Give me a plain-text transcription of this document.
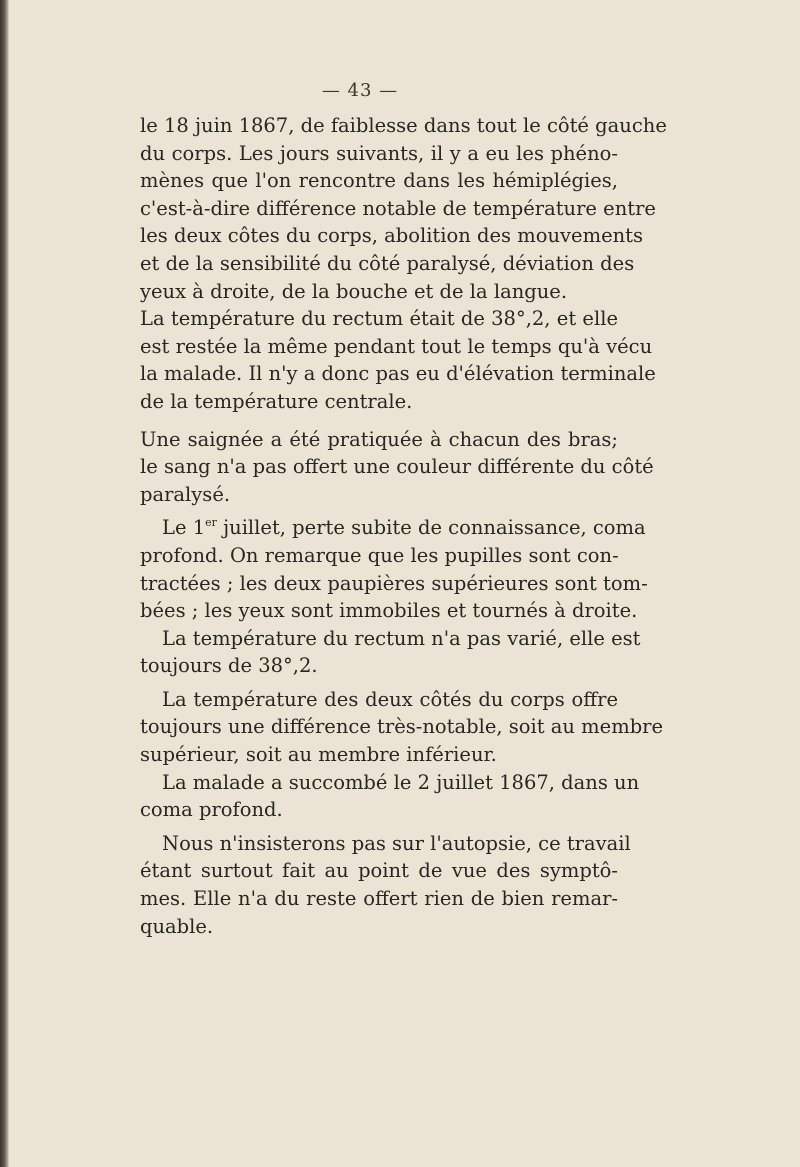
— 43 —
le 18 juin 1867, de faiblesse dans tout le côté gauche
du corps. Les jours suivants, il y a eu les phéno-
mènes que l'on rencontre dans les hémiplégies,
c'est-à-dire différence notable de température entre
les deux côtes du corps, abolition des mouvements
et de la sensibilité du côté paralysé, déviation des
yeux à droite, de la bouche et de la langue.
La température du rectum était de 38°,2, et elle
est restée la même pendant tout le temps qu'à vécu
la malade. Il n'y a donc pas eu d'élévation terminale
de la température centrale.
Une saignée a été pratiquée à chacun des bras;
le sang n'a pas offert une couleur différente du côté
paralysé.
Le 1er juillet, perte subite de connaissance, coma
profond. On remarque que les pupilles sont con-
tractées ; les deux paupières supérieures sont tom-
bées ; les yeux sont immobiles et tournés à droite.
La température du rectum n'a pas varié, elle est
toujours de 38°,2.
La température des deux côtés du corps offre
toujours une différence très-notable, soit au membre
supérieur, soit au membre inférieur.
La malade a succombé le 2 juillet 1867, dans un
coma profond.
Nous n'insisterons pas sur l'autopsie, ce travail
étant surtout fait au point de vue des symptô-
mes. Elle n'a du reste offert rien de bien remar-
quable.
